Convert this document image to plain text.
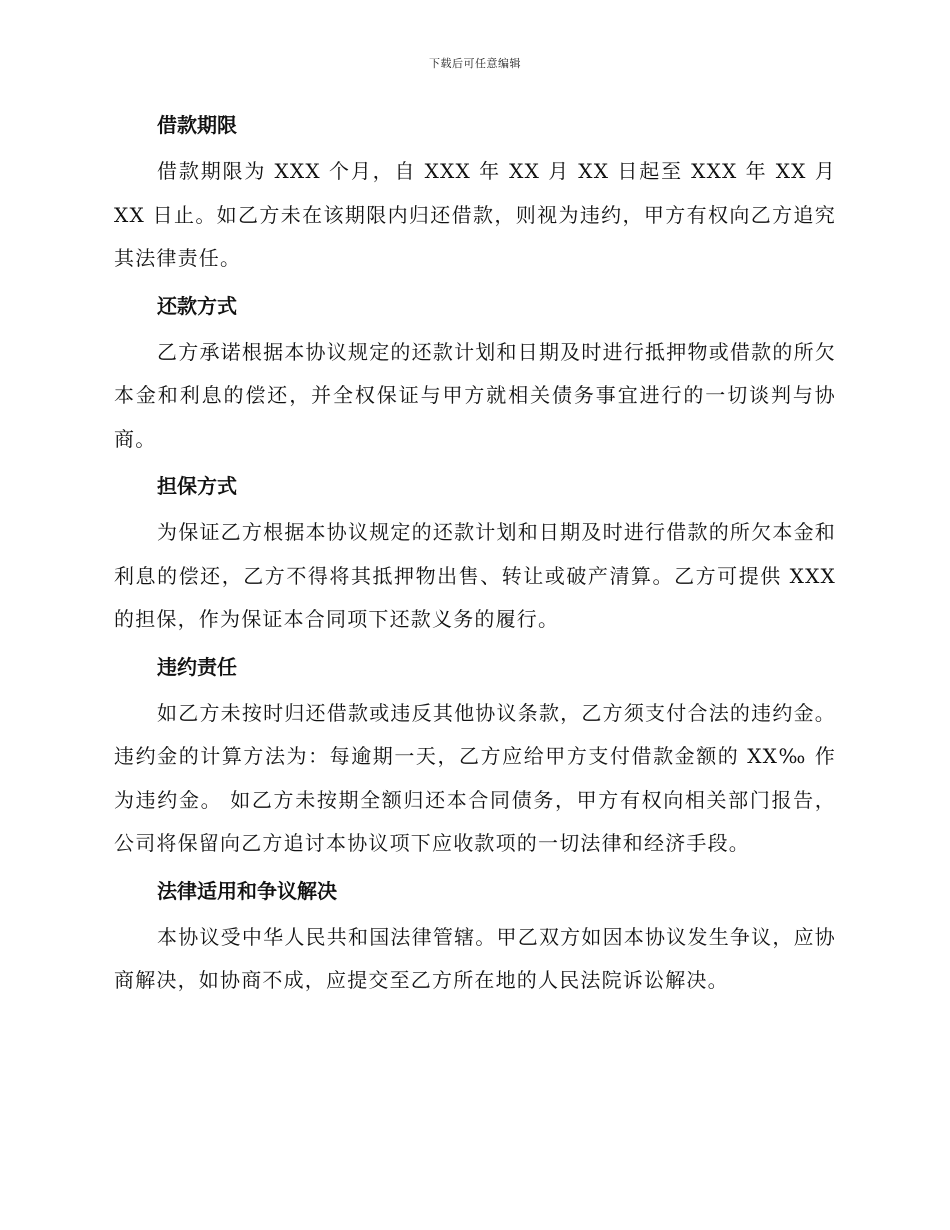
下载后可任意编辑
借款期限

借款期限为 XXX 个月，自 XXX 年 XX 月 XX 日起至 XXX 年 XX 月 XX 日止。如乙方未在该期限内归还借款，则视为违约，甲方有权向乙方追究其法律责任。

还款方式

乙方承诺根据本协议规定的还款计划和日期及时进行抵押物或借款的所欠本金和利息的偿还，并全权保证与甲方就相关债务事宜进行的一切谈判与协商。

担保方式

为保证乙方根据本协议规定的还款计划和日期及时进行借款的所欠本金和利息的偿还，乙方不得将其抵押物出售、转让或破产清算。乙方可提供 XXX 的担保，作为保证本合同项下还款义务的履行。

违约责任

如乙方未按时归还借款或违反其他协议条款，乙方须支付合法的违约金。违约金的计算方法为：每逾期一天，乙方应给甲方支付借款金额的 XX‰ 作为违约金。 如乙方未按期全额归还本合同债务，甲方有权向相关部门报告，公司将保留向乙方追讨本协议项下应收款项的一切法律和经济手段。

法律适用和争议解决

本协议受中华人民共和国法律管辖。甲乙双方如因本协议发生争议，应协商解决，如协商不成，应提交至乙方所在地的人民法院诉讼解决。
